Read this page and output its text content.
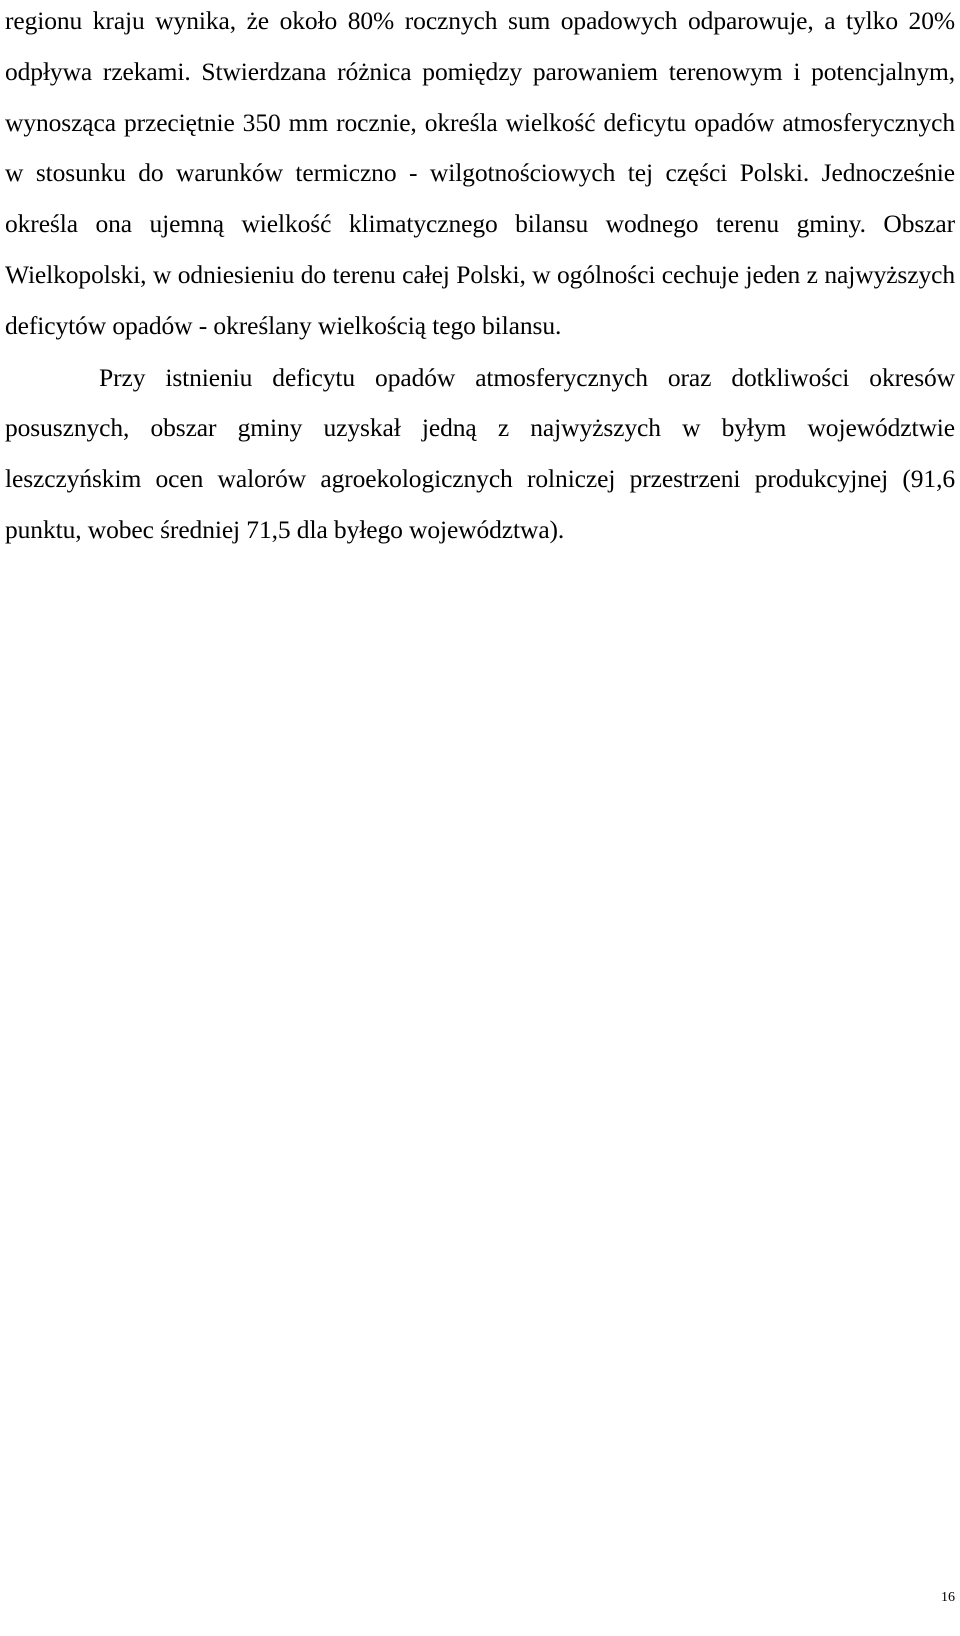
regionu kraju wynika, że około 80% rocznych sum opadowych odparowuje, a tylko 20% odpływa rzekami. Stwierdzana różnica pomiędzy parowaniem terenowym i potencjalnym, wynosząca przeciętnie 350 mm rocznie, określa wielkość deficytu opadów atmosferycznych w stosunku do warunków termiczno - wilgotnościowych tej części Polski. Jednocześnie określa ona ujemną wielkość klimatycznego bilansu wodnego terenu gminy. Obszar Wielkopolski, w odniesieniu do terenu całej Polski, w ogólności cechuje jeden z najwyższych deficytów opadów - określany wielkością tego bilansu.

Przy istnieniu deficytu opadów atmosferycznych oraz dotkliwości okresów posusznych, obszar gminy uzyskał jedną z najwyższych w byłym województwie leszczyńskim ocen walorów agroekologicznych rolniczej przestrzeni produkcyjnej (91,6 punktu, wobec średniej 71,5 dla byłego województwa).

16
